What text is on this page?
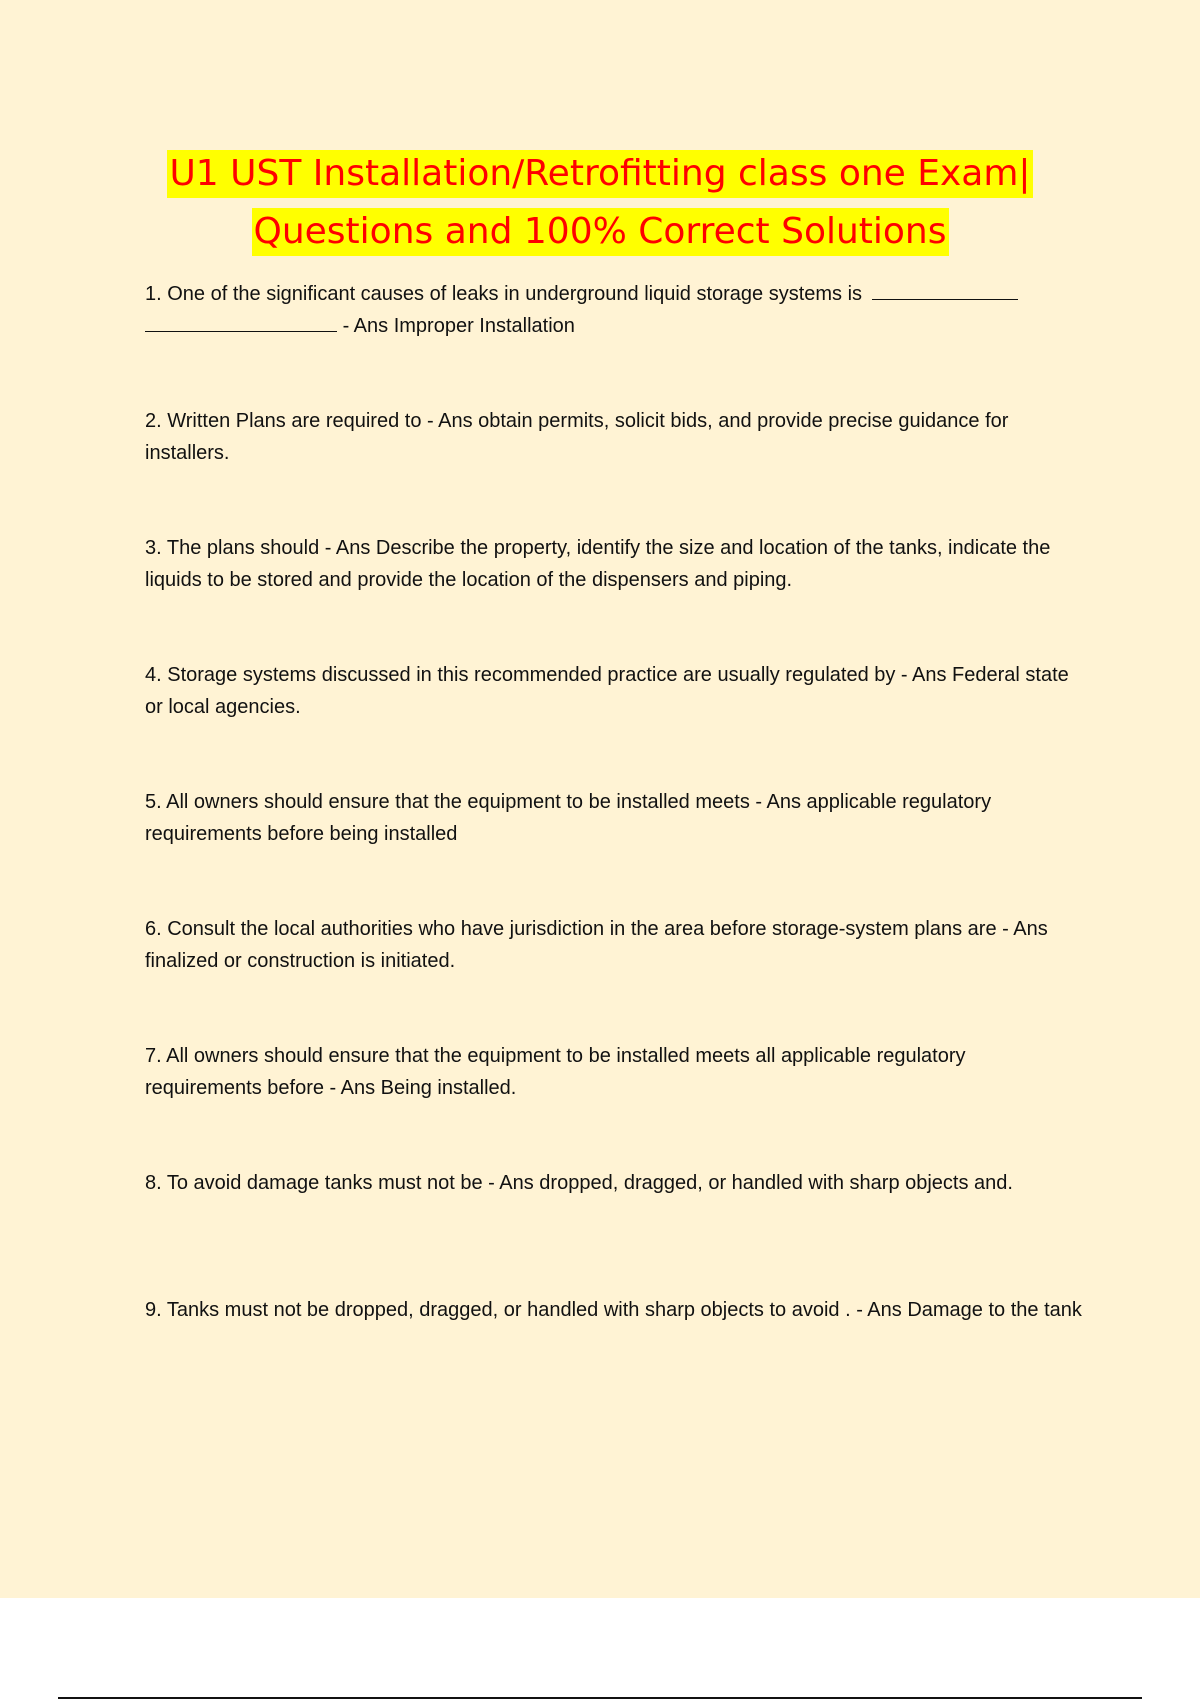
U1 UST Installation/Retrofitting class one Exam|
Questions and 100% Correct Solutions
1. One of the significant causes of leaks in underground liquid storage systems is
- Ans Improper Installation
2. Written Plans are required to - Ans obtain permits, solicit bids, and provide precise guidance for installers.
3. The plans should - Ans Describe the property, identify the size and location of the tanks, indicate the liquids to be stored and provide the location of the dispensers and piping.
4. Storage systems discussed in this recommended practice are usually regulated by - Ans Federal state or local agencies.
5. All owners should ensure that the equipment to be installed meets - Ans applicable regulatory requirements before being installed
6. Consult the local authorities who have jurisdiction in the area before storage-system plans are - Ans finalized or construction is initiated.
7. All owners should ensure that the equipment to be installed meets all applicable regulatory requirements before - Ans Being installed.
8. To avoid damage tanks must not be - Ans dropped, dragged, or handled with sharp objects and.
9. Tanks must not be dropped, dragged, or handled with sharp objects to avoid . - Ans Damage to the tank
